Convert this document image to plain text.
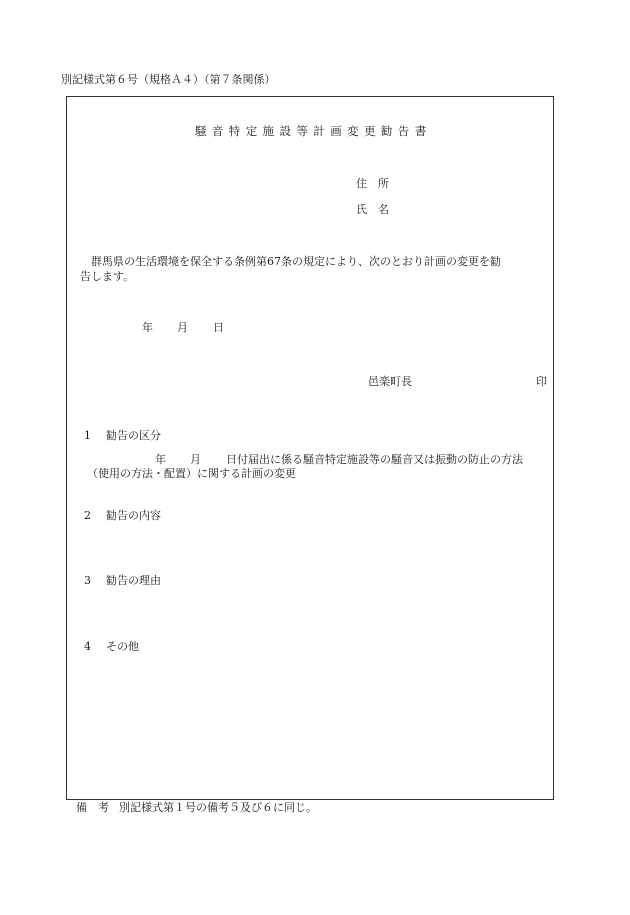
別記様式第６号（規格Ａ４）（第７条関係）
騒音特定施設等計画変更勧告書
住　所
氏　名
群馬県の生活環境を保全する条例第67条の規定により、次のとおり計画の変更を勧
告します。
年 月 日
邑楽町長	印
1 勧告の区分
年 月 日付届出に係る騒音特定施設等の騒音又は振動の防止の方法
（使用の方法・配置）に関する計画の変更
2 勧告の内容
3 勧告の理由
4 その他
備　考 別記様式第１号の備考５及び６に同じ。
